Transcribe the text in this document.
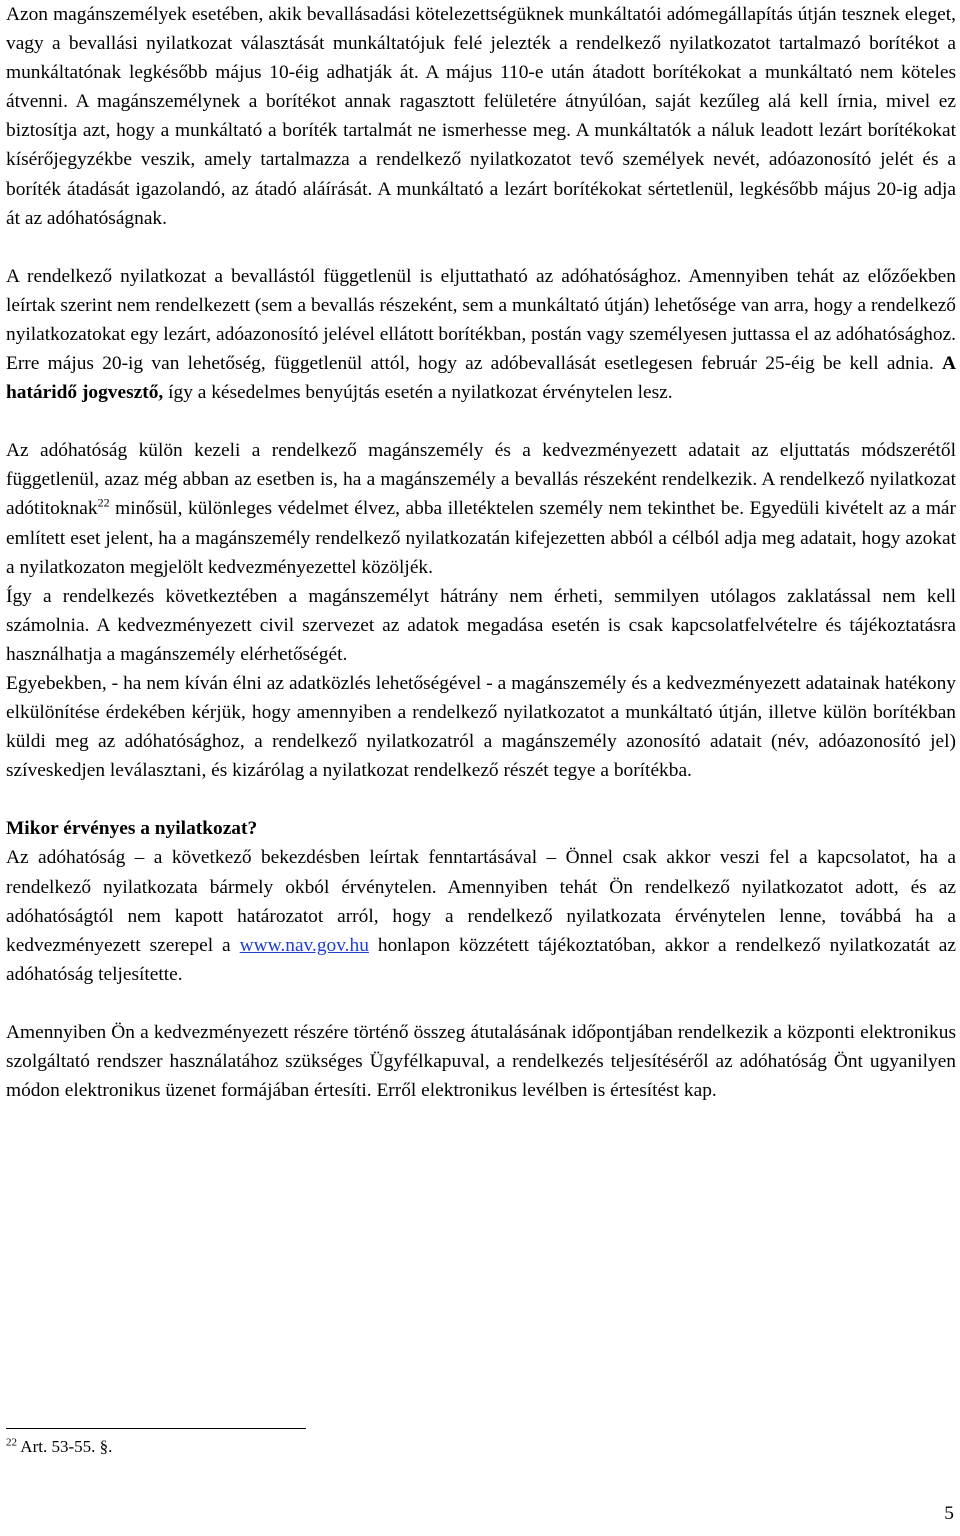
Azon magánszemélyek esetében, akik bevallásadási kötelezettségüknek munkáltatói adómegállapítás útján tesznek eleget, vagy a bevallási nyilatkozat választását munkáltatójuk felé jelezték a rendelkező nyilatkozatot tartalmazó borítékot a munkáltatónak legkésőbb május 10-éig adhatják át. A május 110-e után átadott borítékokat a munkáltató nem köteles átvenni. A magánszemélynek a borítékot annak ragasztott felületére átnyúlóan, saját kezűleg alá kell írnia, mivel ez biztosítja azt, hogy a munkáltató a boríték tartalmát ne ismerhesse meg. A munkáltatók a náluk leadott lezárt borítékokat kísérőjegyzékbe veszik, amely tartalmazza a rendelkező nyilatkozatot tevő személyek nevét, adóazonosító jelét és a boríték átadását igazolandó, az átadó aláírását. A munkáltató a lezárt borítékokat sértetlenül, legkésőbb május 20-ig adja át az adóhatóságnak.

A rendelkező nyilatkozat a bevallástól függetlenül is eljuttatható az adóhatósághoz. Amennyiben tehát az előzőekben leírtak szerint nem rendelkezett (sem a bevallás részeként, sem a munkáltató útján) lehetősége van arra, hogy a rendelkező nyilatkozatokat egy lezárt, adóazonosító jelével ellátott borítékban, postán vagy személyesen juttassa el az adóhatósághoz. Erre május 20-ig van lehetőség, függetlenül attól, hogy az adóbevallását esetlegesen február 25-éig be kell adnia. A határidő jogvesztő, így a késedelmes benyújtás esetén a nyilatkozat érvénytelen lesz.

Az adóhatóság külön kezeli a rendelkező magánszemély és a kedvezményezett adatait az eljuttatás módszerétől függetlenül, azaz még abban az esetben is, ha a magánszemély a bevallás részeként rendelkezik. A rendelkező nyilatkozat adótitoknak$^{22}$ minősül, különleges védelmet élvez, abba illetéktelen személy nem tekinthet be. Egyedüli kivételt az a már említett eset jelent, ha a magánszemély rendelkező nyilatkozatán kifejezetten abból a célból adja meg adatait, hogy azokat a nyilatkozaton megjelölt kedvezményezettel közöljék.

Így a rendelkezés következtében a magánszemélyt hátrány nem érheti, semmilyen utólagos zaklatással nem kell számolnia. A kedvezményezett civil szervezet az adatok megadása esetén is csak kapcsolatfelvételre és tájékoztatásra használhatja a magánszemély elérhetőségét.

Egyebekben, - ha nem kíván élni az adatközlés lehetőségével - a magánszemély és a kedvezményezett adatainak hatékony elkülönítése érdekében kérjük, hogy amennyiben a rendelkező nyilatkozatot a munkáltató útján, illetve külön borítékban küldi meg az adóhatósághoz, a rendelkező nyilatkozatról a magánszemély azonosító adatait (név, adóazonosító jel) szíveskedjen leválasztani, és kizárólag a nyilatkozat rendelkező részét tegye a borítékba.

Mikor érvényes a nyilatkozat?

Az adóhatóság – a következő bekezdésben leírtak fenntartásával – Önnel csak akkor veszi fel a kapcsolatot, ha a rendelkező nyilatkozata bármely okból érvénytelen. Amennyiben tehát Ön rendelkező nyilatkozatot adott, és az adóhatóságtól nem kapott határozatot arról, hogy a rendelkező nyilatkozata érvénytelen lenne, továbbá ha a kedvezményezett szerepel a www.nav.gov.hu honlapon közzétett tájékoztatóban, akkor a rendelkező nyilatkozatát az adóhatóság teljesítette.

Amennyiben Ön a kedvezményezett részére történő összeg átutalásának időpontjában rendelkezik a központi elektronikus szolgáltató rendszer használatához szükséges Ügyfélkapuval, a rendelkezés teljesítéséről az adóhatóság Önt ugyanilyen módon elektronikus üzenet formájában értesíti. Erről elektronikus levélben is értesítést kap.

$^{22}$ Art. 53-55. §.
5
